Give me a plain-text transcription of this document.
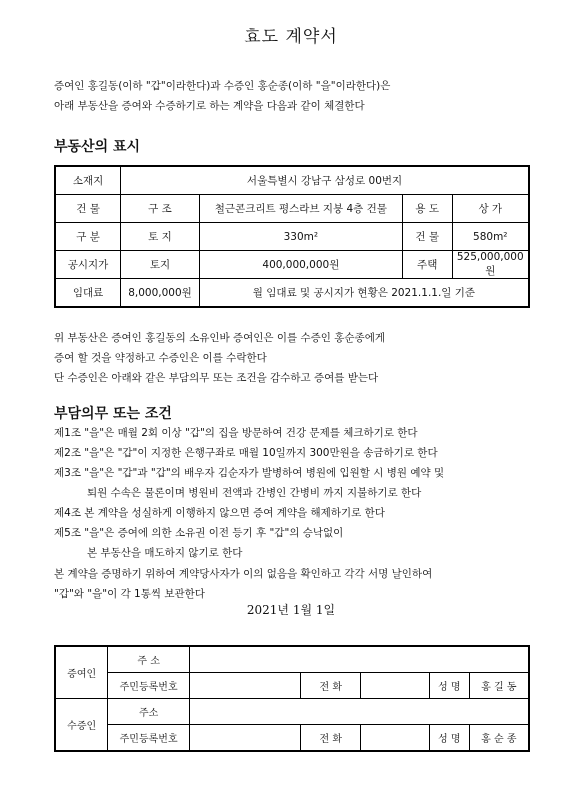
효도 계약서
증여인 홍길동(이하 "갑"이라한다)과 수증인 홍순종(이하 "을"이라한다)은
아래 부동산을 증여와 수증하기로 하는 계약을 다음과 같이 체결한다
부동산의 표시
소재지	서울특별시 강남구 삼성로 00번지			
건 물	구 조	철근콘크리트 평스라브 지붕 4층 건물	용 도	상 가
구 분	토 지	330m²	건 물	580m²
공시지가	토지	400,000,000원	주택	525,000,000원
임대료	8,000,000원	월 임대료 및 공시지가 현황은 2021.1.1.일 기준		
위 부동산은 증여인 홍길동의 소유인바 증여인은 이를 수증인 홍순종에게
증여 할 것을 약정하고 수증인은 이를 수락한다
단 수증인은 아래와 같은 부담의무 또는 조건을 감수하고 증여를 받는다
부담의무 또는 조건
제1조 "을"은 매월 2회 이상 "갑"의 집을 방문하여 건강 문제를 체크하기로 한다
제2조 "을"은 "갑"이 지정한 은행구좌로 매월 10일까지 300만원을 송금하기로 한다
제3조 "을"은 "갑"과 "갑"의 배우자 김순자가 발병하여 병원에 입원할 시 병원 예약 및
퇴원 수속은 물론이며 병원비 전액과 간병인 간병비 까지 지불하기로 한다
제4조 본 계약을 성실하게 이행하지 않으면 증여 계약을 해제하기로 한다
제5조 "을"은 증여에 의한 소유권 이전 등기 후 "갑"의 승낙없이
본 부동산을 매도하지 않기로 한다
본 계약을 증명하기 위하여 계약당사자가 이의 없음을 확인하고 각각 서명 날인하여
"갑"와 "을"이 각 1통씩 보관한다
2021년 1월 1일
증여인	주 소					
	주민등록번호		전 화		성 명	홍 길 동
수증인	주소					
	주민등록번호		전 화		성 명	홍 순 종
